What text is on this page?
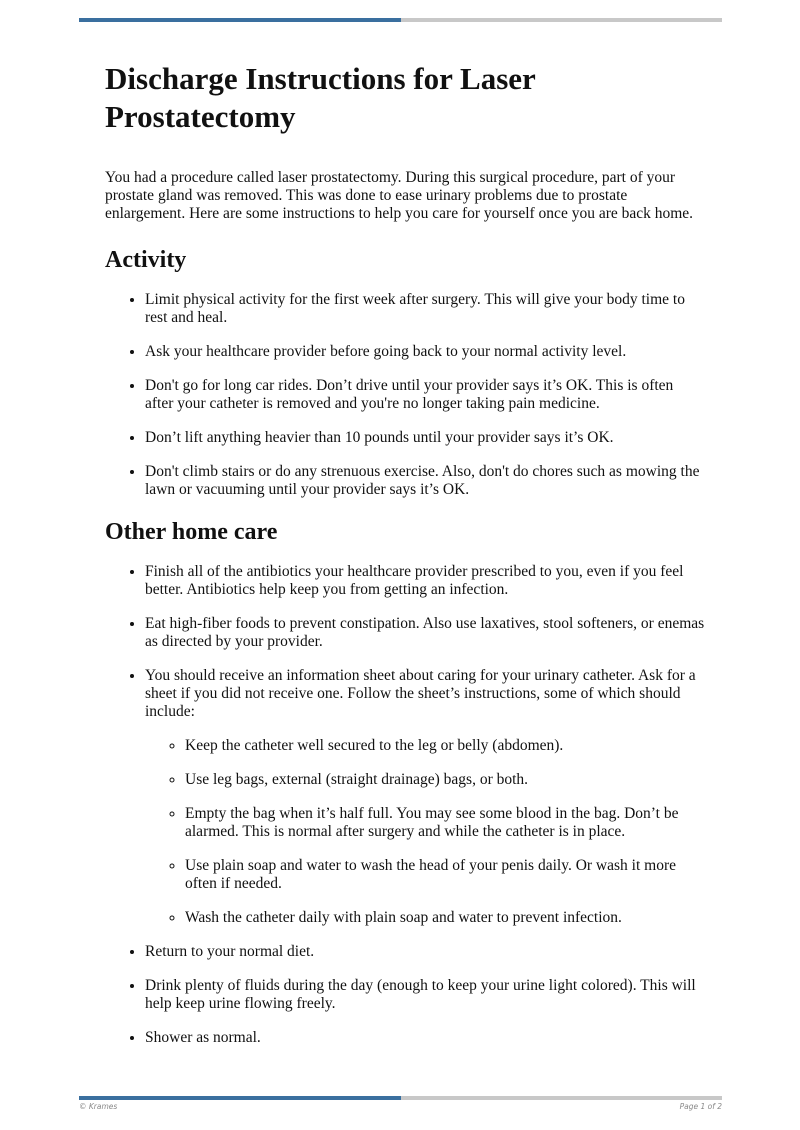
Discharge Instructions for Laser Prostatectomy

You had a procedure called laser prostatectomy. During this surgical procedure, part of your prostate gland was removed. This was done to ease urinary problems due to prostate enlargement. Here are some instructions to help you care for yourself once you are back home.

Activity
• Limit physical activity for the first week after surgery. This will give your body time to rest and heal.
• Ask your healthcare provider before going back to your normal activity level.
• Don't go for long car rides. Don’t drive until your provider says it’s OK. This is often after your catheter is removed and you're no longer taking pain medicine.
• Don’t lift anything heavier than 10 pounds until your provider says it’s OK.
• Don't climb stairs or do any strenuous exercise. Also, don't do chores such as mowing the lawn or vacuuming until your provider says it’s OK.
Other home care
• Finish all of the antibiotics your healthcare provider prescribed to you, even if you feel better. Antibiotics help keep you from getting an infection.
• Eat high-fiber foods to prevent constipation. Also use laxatives, stool softeners, or enemas as directed by your provider.
• You should receive an information sheet about caring for your urinary catheter. Ask for a sheet if you did not receive one. Follow the sheet’s instructions, some of which should include:
◦ Keep the catheter well secured to the leg or belly (abdomen).
◦ Use leg bags, external (straight drainage) bags, or both.
◦ Empty the bag when it’s half full. You may see some blood in the bag. Don’t be alarmed. This is normal after surgery and while the catheter is in place.
◦ Use plain soap and water to wash the head of your penis daily. Or wash it more often if needed.
◦ Wash the catheter daily with plain soap and water to prevent infection.
• Return to your normal diet.
• Drink plenty of fluids during the day (enough to keep your urine light colored). This will help keep urine flowing freely.
• Shower as normal.
© Krames	Page 1 of 2
